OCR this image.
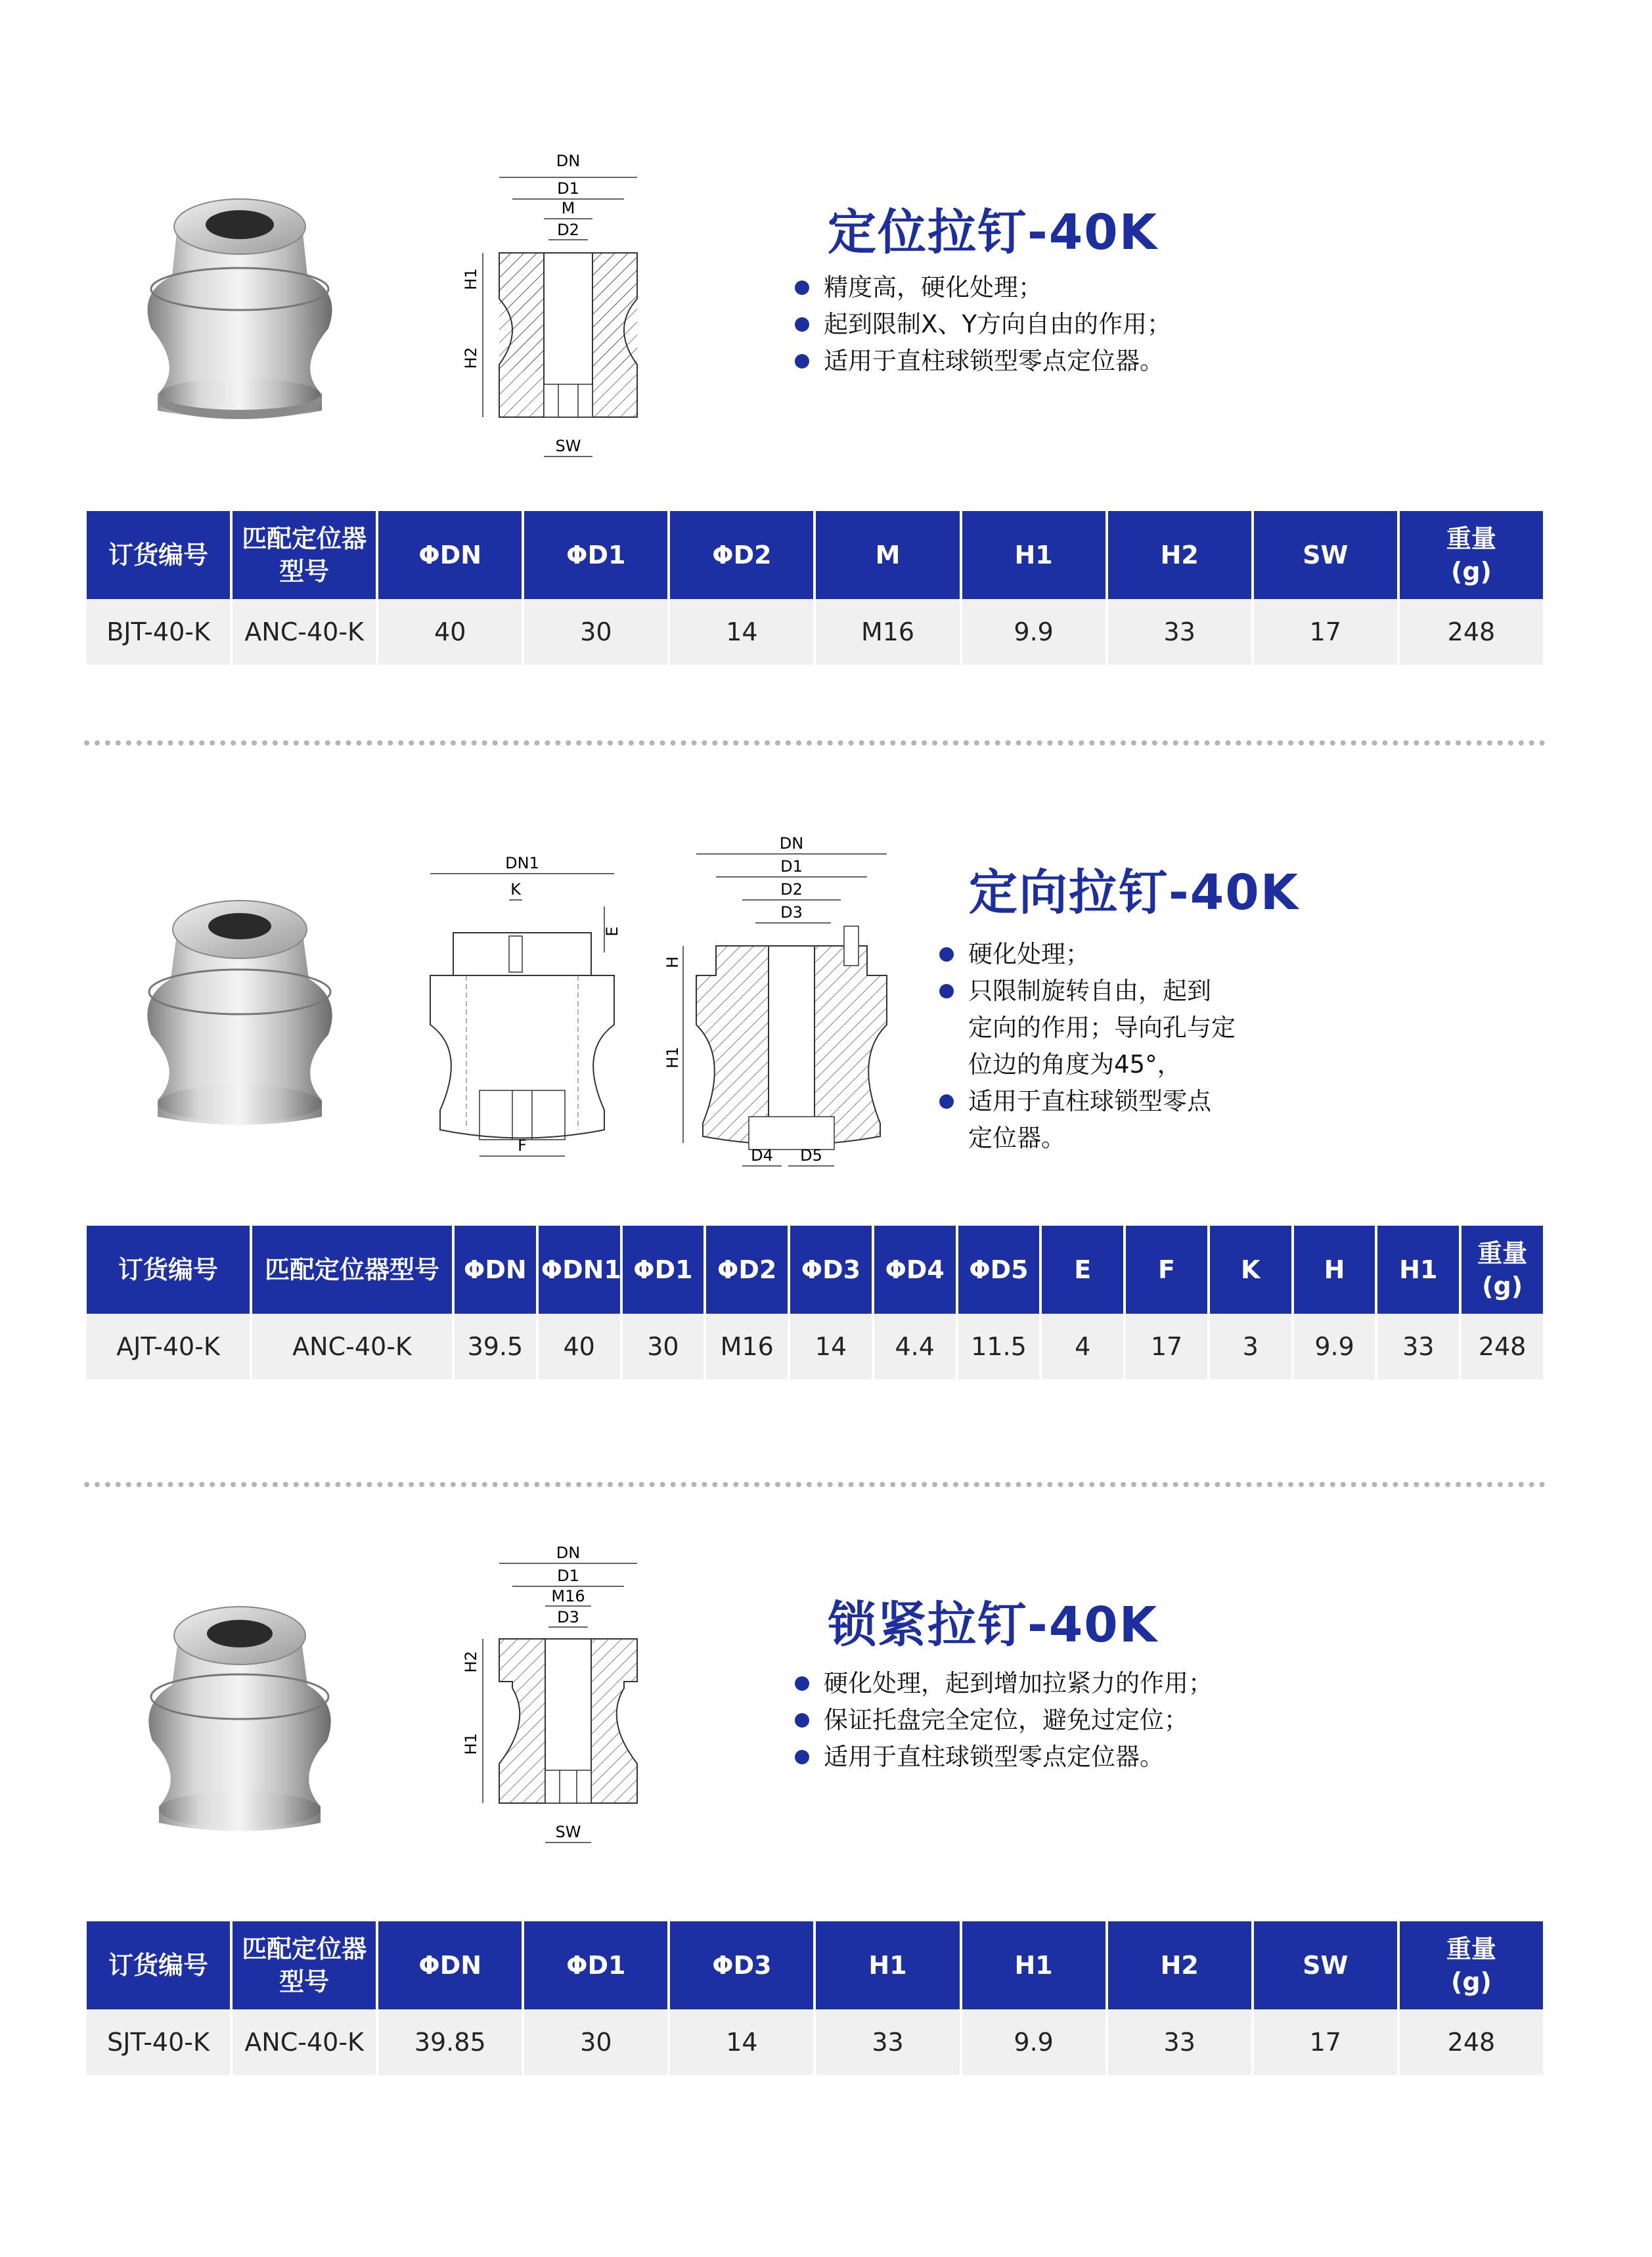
DN
D1
M
D2
H1
H2
SW
定位拉钉-40K
精度高，硬化处理；
起到限制X、Y方向自由的作用；
适用于直柱球锁型零点定位器。
订货编号	匹配定位器型号	ΦDN	ΦD1	ΦD2	M	H1	H2	SW	重量
(g)
BJT-40-K	ANC-40-K	40	30	14	M16	9.9	33	17	248
DN1
K
E
F
DN
D1
D2
D3
H
H1
D4 D5
定向拉钉-40K
硬化处理；
只限制旋转自由，起到
定向的作用；导向孔与定
位边的角度为45°，
适用于直柱球锁型零点
定位器。
订货编号	匹配定位器型号	ΦDN	ΦDN1	ΦD1	ΦD2	ΦD3	ΦD4	ΦD5	E	F	K	H	H1	重量
(g)
AJT-40-K	ANC-40-K	39.5	40	30	M16	14	4.4	11.5	4	17	3	9.9	33	248
DN
D1
M16
D3
H2
H1
SW
锁紧拉钉-40K
硬化处理，起到增加拉紧力的作用；
保证托盘完全定位，避免过定位；
适用于直柱球锁型零点定位器。
订货编号	匹配定位器型号	ΦDN	ΦD1	ΦD3	H1	H1	H2	SW	重量
(g)
SJT-40-K	ANC-40-K	39.85	30	14	33	9.9	33	17	248
